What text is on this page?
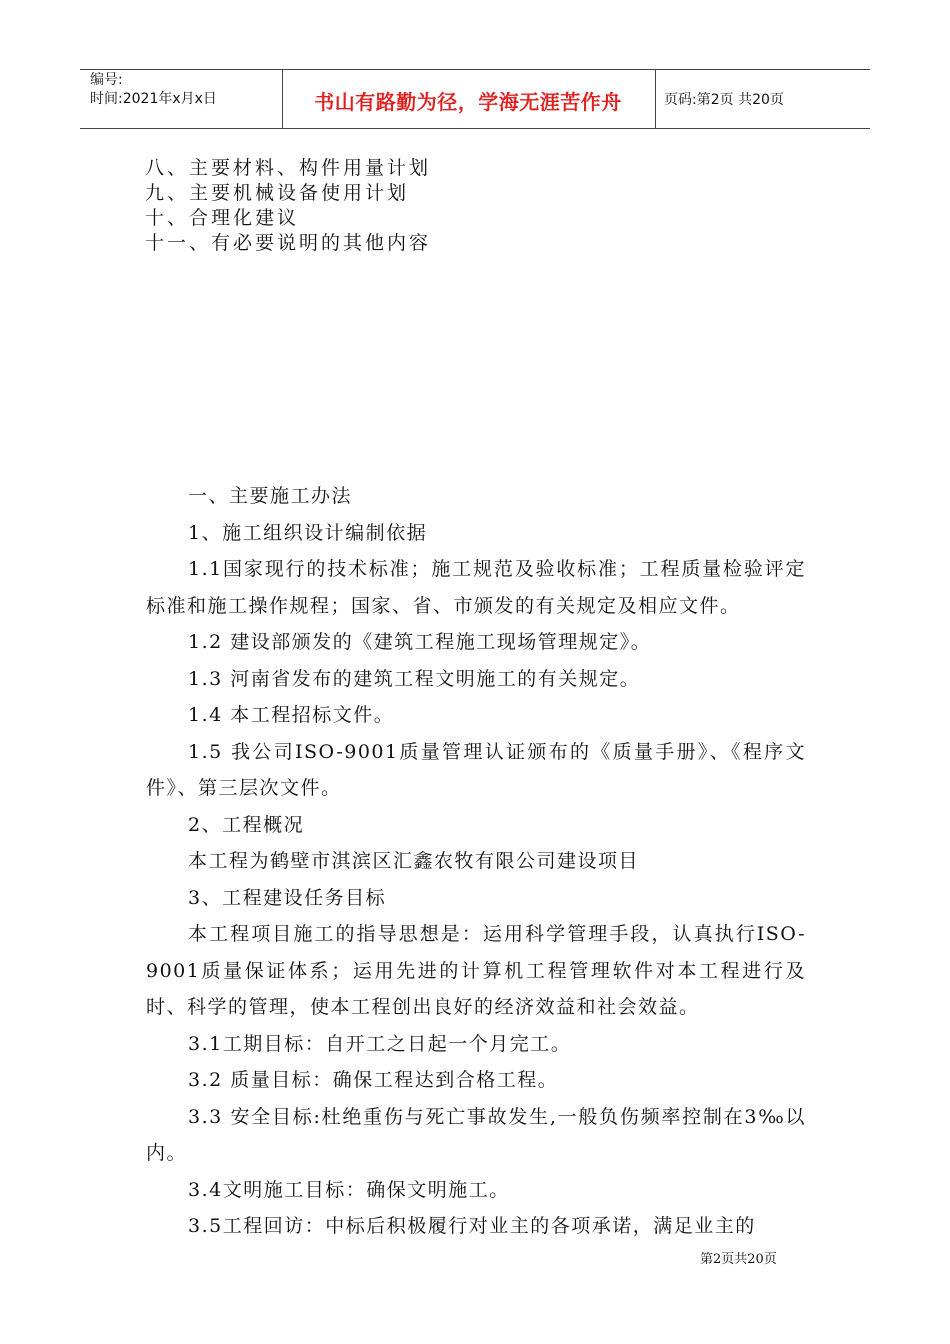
编号:
时间:2021年x月x日	书山有路勤为径，学海无涯苦作舟	页码:第2页 共20页
八、主要材料、构件用量计划
九、主要机械设备使用计划
十、合理化建议
十一、有必要说明的其他内容

一、主要施工办法

1、施工组织设计编制依据

1.1国家现行的技术标准；施工规范及验收标准；工程质量检验评定标准和施工操作规程；国家、省、市颁发的有关规定及相应文件。

1.2 建设部颁发的《建筑工程施工现场管理规定》。

1.3 河南省发布的建筑工程文明施工的有关规定。

1.4 本工程招标文件。

1.5 我公司ISO-9001质量管理认证颁布的《质量手册》、《程序文件》、第三层次文件。

2、工程概况

本工程为鹤壁市淇滨区汇鑫农牧有限公司建设项目

3、工程建设任务目标

本工程项目施工的指导思想是：运用科学管理手段，认真执行ISO-9001质量保证体系；运用先进的计算机工程管理软件对本工程进行及时、科学的管理，使本工程创出良好的经济效益和社会效益。

3.1工期目标：自开工之日起一个月完工。

3.2 质量目标：确保工程达到合格工程。

3.3 安全目标:杜绝重伤与死亡事故发生,一般负伤频率控制在3‰以内。

3.4文明施工目标：确保文明施工。

3.5工程回访：中标后积极履行对业主的各项承诺，满足业主的

第2页共20页
